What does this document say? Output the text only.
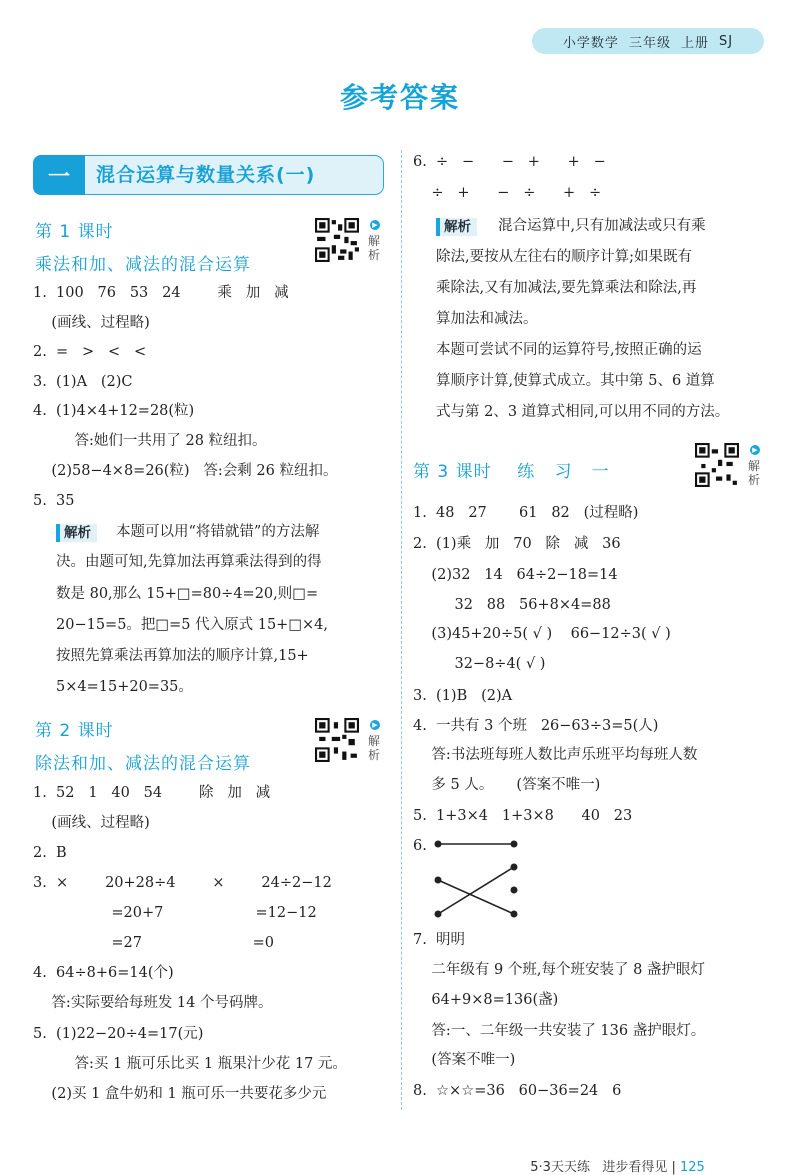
小学数学 三年级 上册 SJ
参考答案
一	混合运算与数量关系(一)
第 1 课时
乘法和加、减法的混合运算
▶
解析
1.  100   76   53   24        乘   加   减
(画线、过程略)
2.  =   >   <   <
3.  (1)A   (2)C
4.  (1)4×4+12=28(粒)
答:她们一共用了 28 粒纽扣。
(2)58−4×8=26(粒)   答:会剩 26 粒纽扣。
5.  35
解析	本题可以用“将错就错”的方法解
决。由题可知,先算加法再算乘法得到的得
数是 80,那么 15+□=80÷4=20,则□=
20−15=5。把□=5 代入原式 15+□×4,
按照先算乘法再算加法的顺序计算,15+
5×4=15+20=35。
第 2 课时
除法和加、减法的混合运算
▶
解析
1.  52   1   40   54        除   加   减
(画线、过程略)
2.  B
3.  ×        20+28÷4        ×        24÷2−12
=20+7                    =12−12
=27                        =0
4.  64÷8+6=14(个)
答:实际要给每班发 14 个号码牌。
5.  (1)22−20÷4=17(元)
答:买 1 瓶可乐比买 1 瓶果汁少花 17 元。
(2)买 1 盒牛奶和 1 瓶可乐一共要花多少元
6.  ÷   −      −   +      +   −
÷   +      −   ÷      +   ÷
解析	混合运算中,只有加减法或只有乘
除法,要按从左往右的顺序计算;如果既有
乘除法,又有加减法,要先算乘法和除法,再
算加法和减法。
本题可尝试不同的运算符号,按照正确的运
算顺序计算,使算式成立。其中第 5、6 道算
式与第 2、3 道算式相同,可以用不同的方法。
第 3 课时    练   习   一
▶
解析
1.  48   27       61   82   (过程略)
2.  (1)乘   加   70   除   减   36
(2)32   14   64÷2−18=14
32   88   56+8×4=88
(3)45+20÷5( √ )    66−12÷3( √ )
32−8÷4( √ )
3.  (1)B   (2)A
4.  一共有 3 个班   26−63÷3=5(人)
答:书法班每班人数比声乐班平均每班人数
多 5 人。     (答案不唯一)
5.  1+3×4   1+3×8      40   23
6.
7.  明明
二年级有 9 个班,每个班安装了 8 盏护眼灯
64+9×8=136(盏)
答:一、二年级一共安装了 136 盏护眼灯。
(答案不唯一)
8.  ☆×☆=36   60−36=24   6

5·3天天练   进步看得见 | 125
